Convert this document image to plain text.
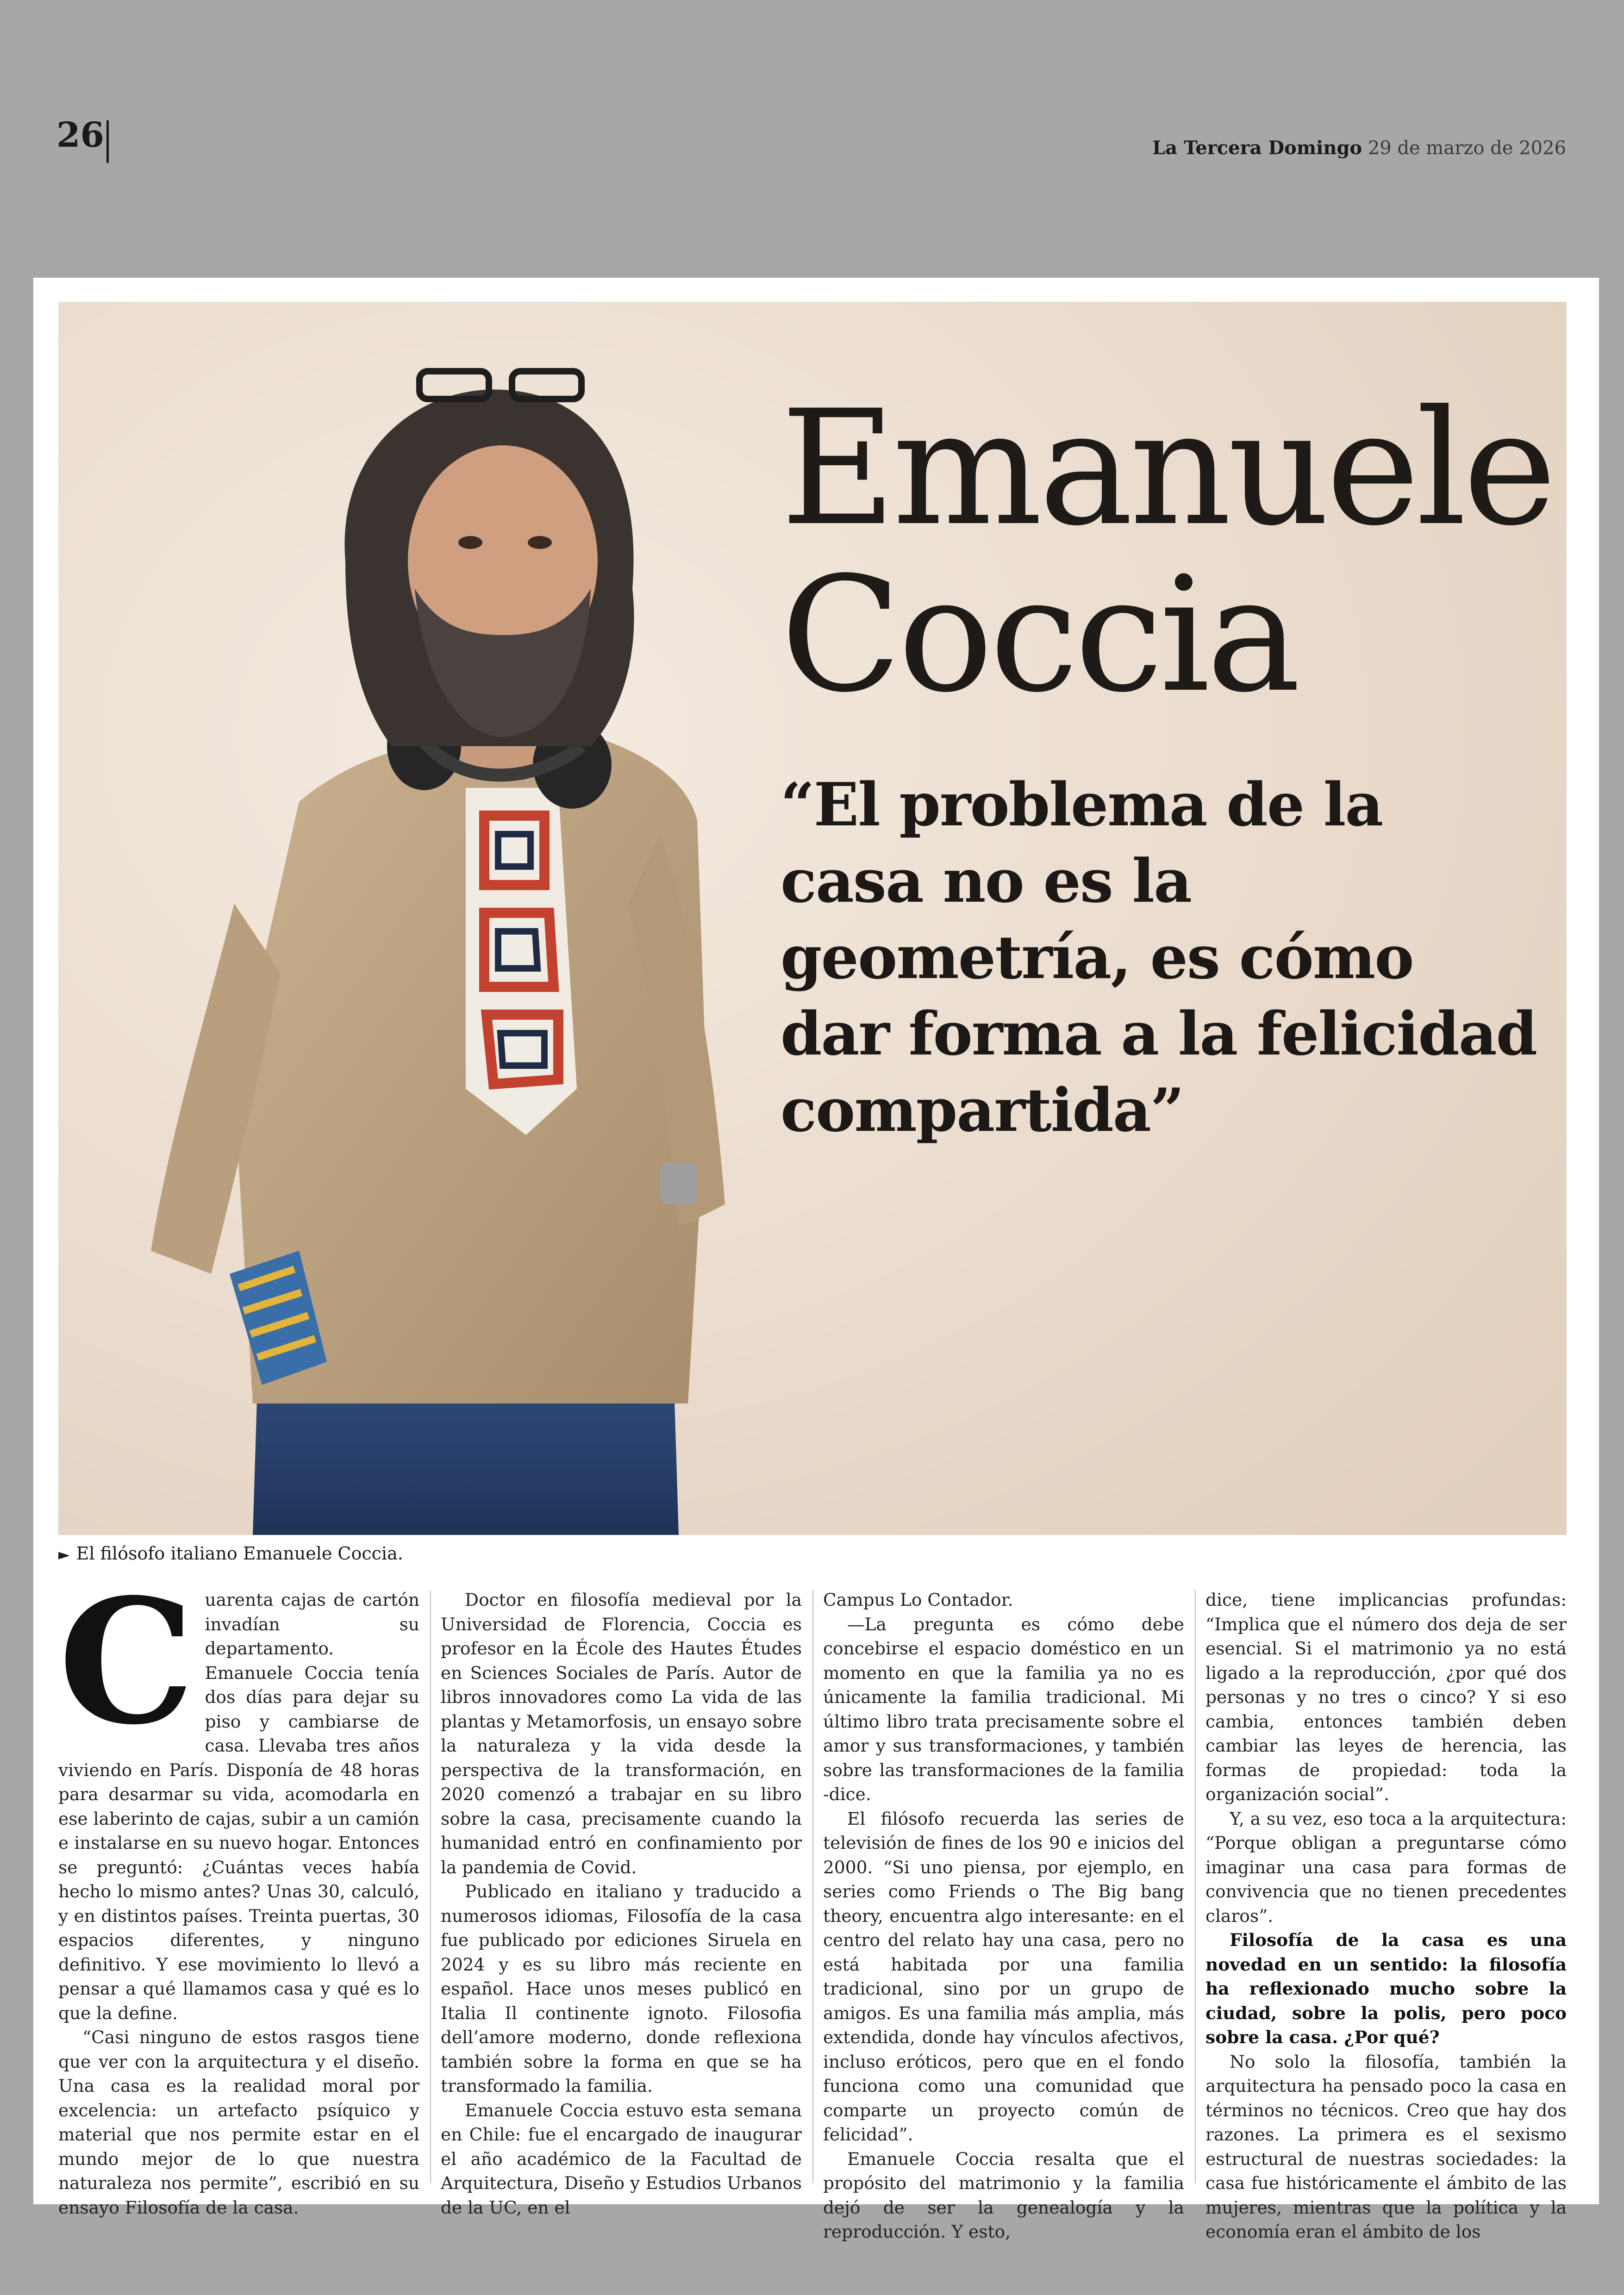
26	La Tercera Domingo 29 de marzo de 2026
Emanuele
Coccia
“El problema de la casa no es la geometría, es cómo dar forma a la felicidad compartida”
► El filósofo italiano Emanuele Coccia.
C uarenta cajas de cartón invadían su departamento. Emanuele Coccia tenía dos días para dejar su piso y cambiarse de casa. Llevaba tres años viviendo en París. Disponía de 48 horas para desarmar su vida, acomodarla en ese laberinto de cajas, subir a un camión e instalarse en su nuevo hogar. Entonces se preguntó: ¿Cuántas veces había hecho lo mismo antes? Unas 30, calculó, y en distintos países. Treinta puertas, 30 espacios diferentes, y ninguno definitivo. Y ese movimiento lo llevó a pensar a qué llamamos casa y qué es lo que la define.

“Casi ninguno de estos rasgos tiene que ver con la arquitectura y el diseño. Una casa es la realidad moral por excelencia: un artefacto psíquico y material que nos permite estar en el mundo mejor de lo que nuestra naturaleza nos permite”, escribió en su ensayo Filosofía de la casa.

Doctor en filosofía medieval por la Universidad de Florencia, Coccia es profesor en la École des Hautes Études en Sciences Sociales de París. Autor de libros innovadores como La vida de las plantas y Metamorfosis, un ensayo sobre la naturaleza y la vida desde la perspectiva de la transformación, en 2020 comenzó a trabajar en su libro sobre la casa, precisamente cuando la humanidad entró en confinamiento por la pandemia de Covid.

Publicado en italiano y traducido a numerosos idiomas, Filosofía de la casa fue publicado por ediciones Siruela en 2024 y es su libro más reciente en español. Hace unos meses publicó en Italia Il continente ignoto. Filosofia dell’amore moderno, donde reflexiona también sobre la forma en que se ha transformado la familia.

Emanuele Coccia estuvo esta semana en Chile: fue el encargado de inaugurar el año académico de la Facultad de Arquitectura, Diseño y Estudios Urbanos de la UC, en el

Campus Lo Contador.

—La pregunta es cómo debe concebirse el espacio doméstico en un momento en que la familia ya no es únicamente la familia tradicional. Mi último libro trata precisamente sobre el amor y sus transformaciones, y también sobre las transformaciones de la familia -dice.

El filósofo recuerda las series de televisión de fines de los 90 e inicios del 2000. “Si uno piensa, por ejemplo, en series como Friends o The Big bang theory, encuentra algo interesante: en el centro del relato hay una casa, pero no está habitada por una familia tradicional, sino por un grupo de amigos. Es una familia más amplia, más extendida, donde hay vínculos afectivos, incluso eróticos, pero que en el fondo funciona como una comunidad que comparte un proyecto común de felicidad”.

Emanuele Coccia resalta que el propósito del matrimonio y la familia dejó de ser la genealogía y la reproducción. Y esto,

dice, tiene implicancias profundas: “Implica que el número dos deja de ser esencial. Si el matrimonio ya no está ligado a la reproducción, ¿por qué dos personas y no tres o cinco? Y si eso cambia, entonces también deben cambiar las leyes de herencia, las formas de propiedad: toda la organización social”.

Y, a su vez, eso toca a la arquitectura: “Porque obligan a preguntarse cómo imaginar una casa para formas de convivencia que no tienen precedentes claros”.

Filosofía de la casa es una novedad en un sentido: la filosofía ha reflexionado mucho sobre la ciudad, sobre la polis, pero poco sobre la casa. ¿Por qué?

No solo la filosofía, también la arquitectura ha pensado poco la casa en términos no técnicos. Creo que hay dos razones. La primera es el sexismo estructural de nuestras sociedades: la casa fue históricamente el ámbito de las mujeres, mientras que la política y la economía eran el ámbito de los
